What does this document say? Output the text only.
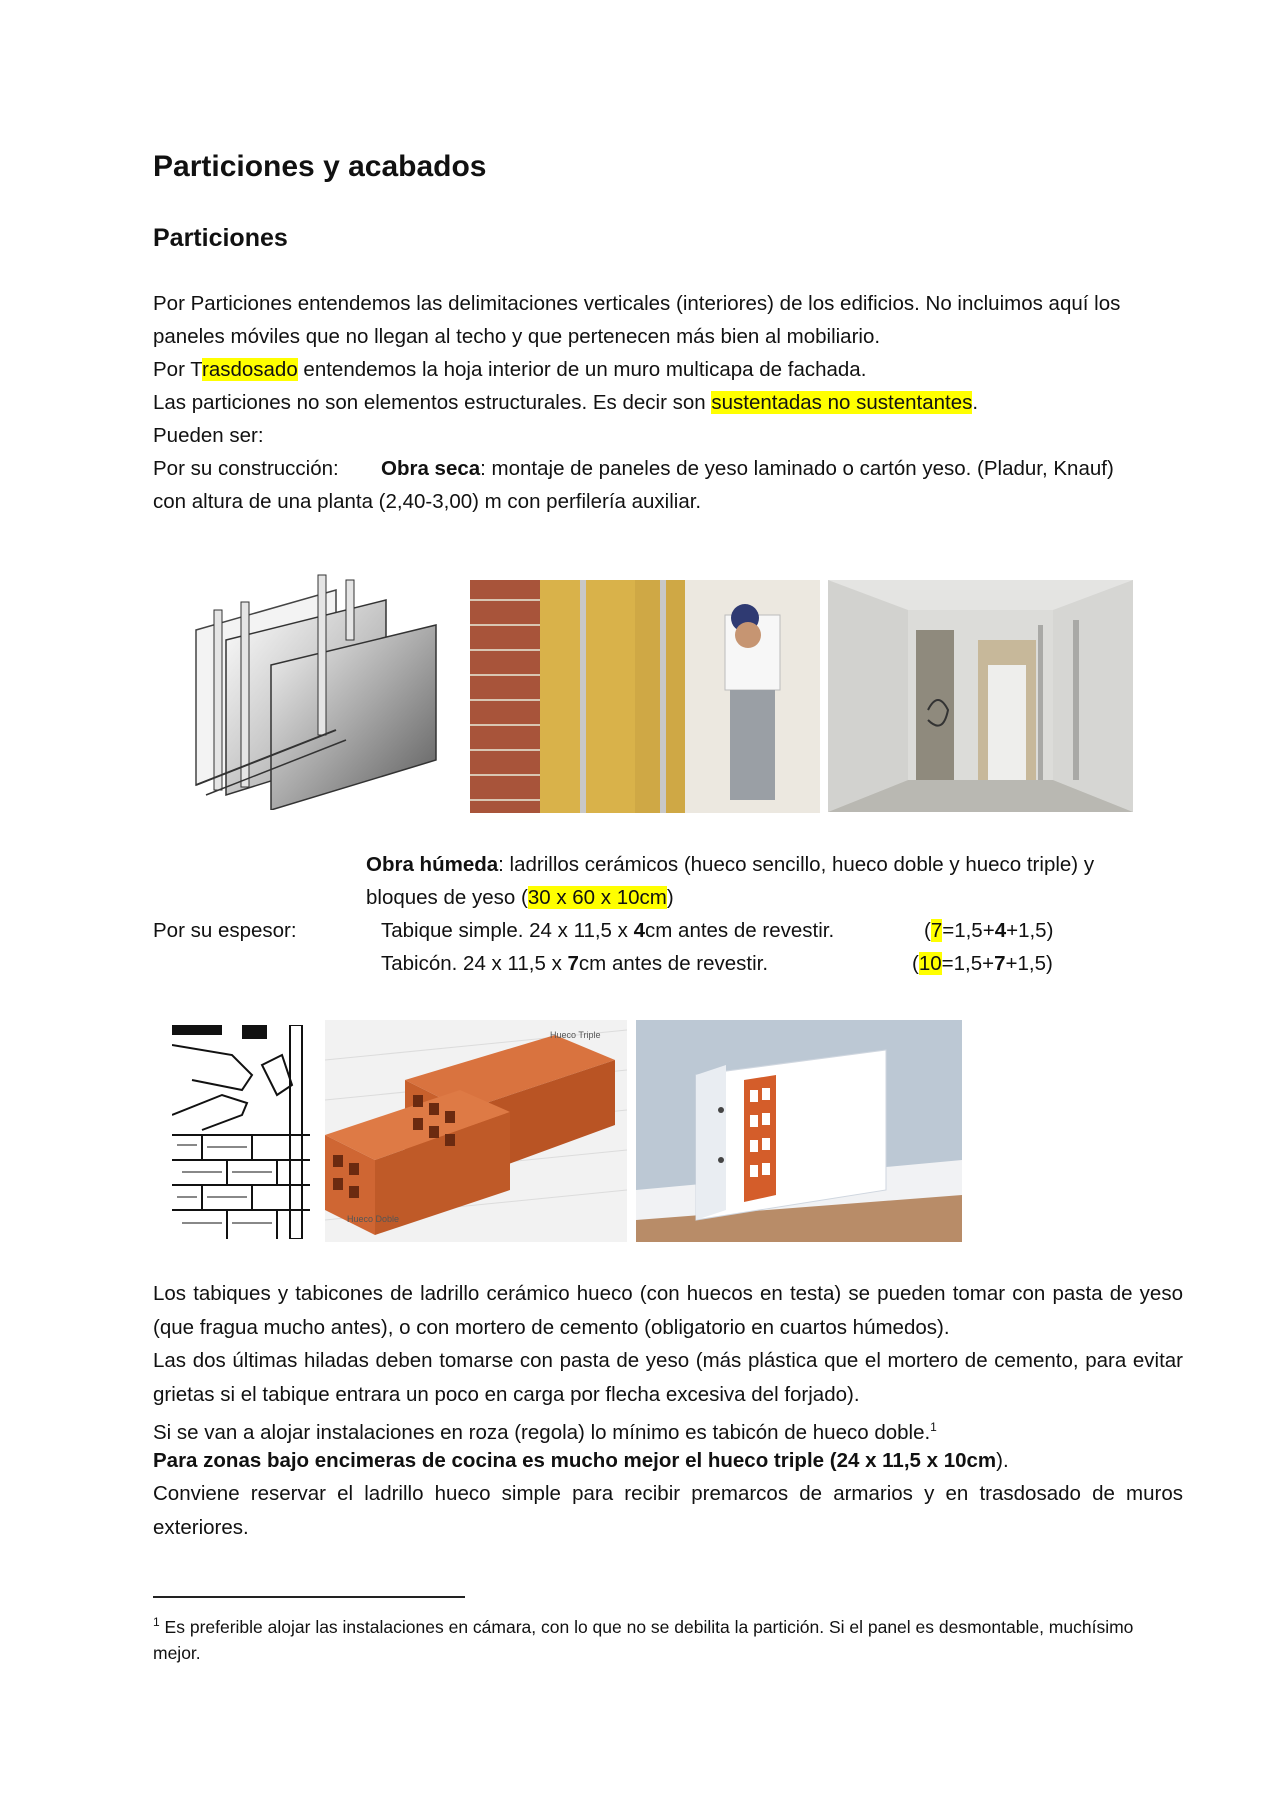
Particiones y acabados
Particiones
Por Particiones entendemos las delimitaciones verticales (interiores) de los edificios. No incluimos aquí los
paneles móviles que no llegan al techo y que pertenecen más bien al mobiliario.
Por Trasdosado entendemos la hoja interior de un muro multicapa de fachada.
Las particiones no son elementos estructurales. Es decir son sustentadas no sustentantes.
Pueden ser:
Por su construcción: Obra seca: montaje de paneles de yeso laminado o cartón yeso. (Pladur, Knauf)
con altura de una planta (2,40-3,00) m con perfilería auxiliar.
Obra húmeda: ladrillos cerámicos (hueco sencillo, hueco doble y hueco triple) y
bloques de yeso (30 x 60 x 10cm)
Por su espesor:	Tabique simple. 24 x 11,5 x 4cm antes de revestir.	(7=1,5+4+1,5)
Tabicón. 24 x 11,5 x 7cm antes de revestir.	(10=1,5+7+1,5)
Hueco Triple
Hueco Doble
Los tabiques y tabicones de ladrillo cerámico hueco (con huecos en testa) se pueden tomar con pasta de yeso (que fragua mucho antes), o con mortero de cemento (obligatorio en cuartos húmedos).
Las dos últimas hiladas deben tomarse con pasta de yeso (más plástica que el mortero de cemento, para evitar grietas si el tabique entrara un poco en carga por flecha excesiva del forjado).
Si se van a alojar instalaciones en roza (regola) lo mínimo es tabicón de hueco doble.$^1$
Para zonas bajo encimeras de cocina es mucho mejor el hueco triple (24 x 11,5 x 10cm).
Conviene reservar el ladrillo hueco simple para recibir premarcos de armarios y en trasdosado de muros exteriores.
$^1$ Es preferible alojar las instalaciones en cámara, con lo que no se debilita la partición. Si el panel es desmontable, muchísimo mejor.
